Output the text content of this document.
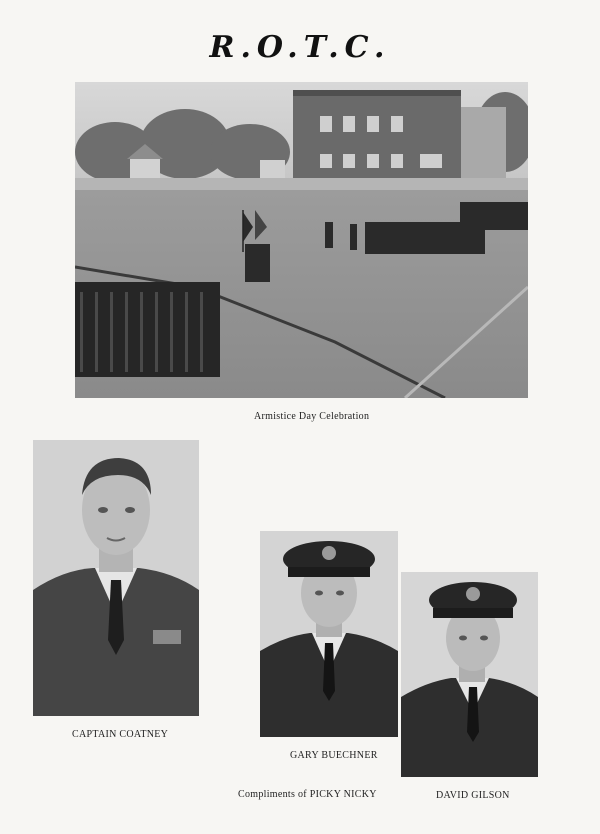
R.O.T.C.
Armistice Day Celebration
CAPTAIN COATNEY
GARY BUECHNER
DAVID GILSON
Compliments of PICKY NICKY
